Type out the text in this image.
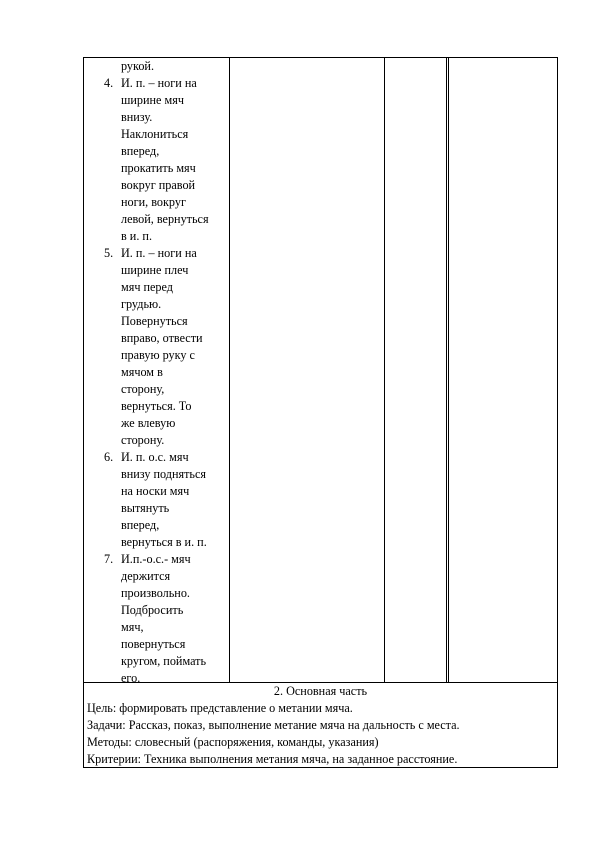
рукой.
4. И. п. – ноги на
ширине мяч
внизу.
Наклониться
вперед,
прокатить мяч
вокруг правой
ноги, вокруг
левой, вернуться
в и. п.
5. И. п. – ноги на
ширине плеч
мяч перед
грудью.
Повернуться
вправо, отвести
правую руку с
мячом в
сторону,
вернуться. То
же влевую
сторону.
6. И. п. о.с. мяч
внизу подняться
на носки мяч
вытянуть
вперед,
вернуться в и. п.
7. И.п.-о.с.- мяч
держится
произвольно.
Подбросить
мяч,
повернуться
кругом, поймать
его.
2. Основная часть
Цель: формировать представление о метании мяча.
Задачи: Рассказ, показ, выполнение метание мяча на дальность с места.
Методы: словесный (распоряжения, команды, указания)
Критерии: Техника выполнения метания мяча, на заданное расстояние.
